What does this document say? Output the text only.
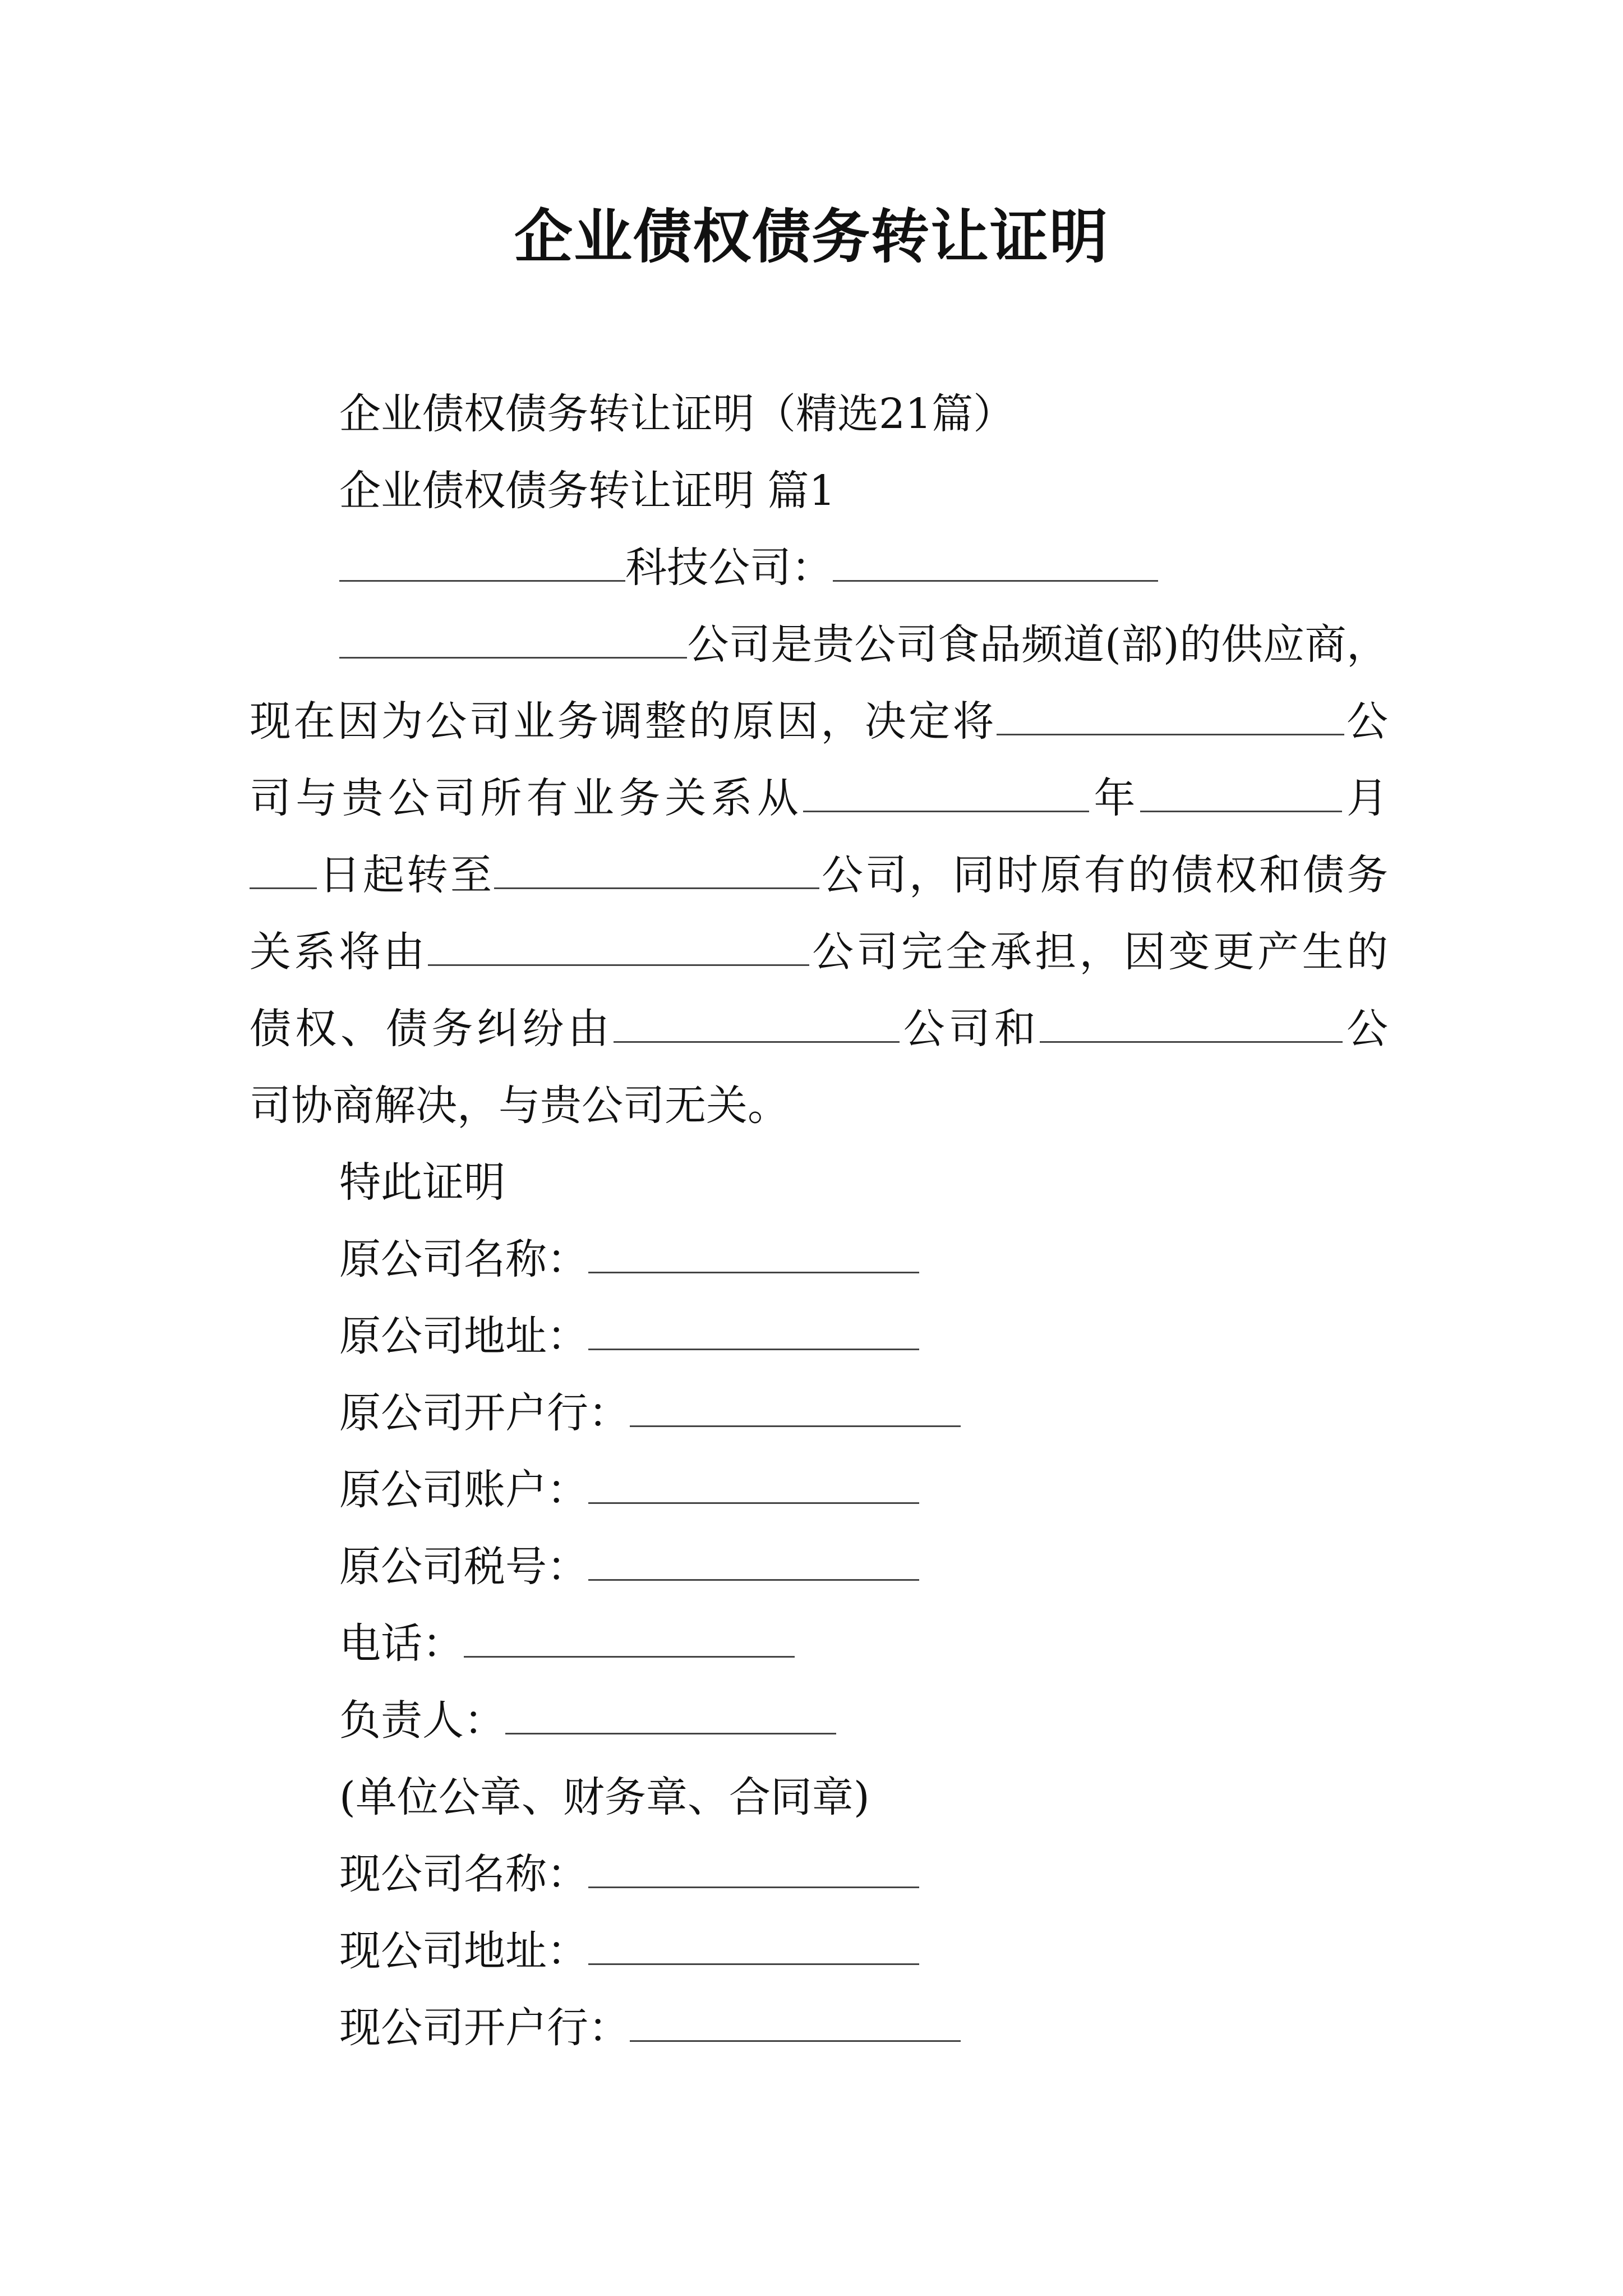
企业债权债务转让证明
企业债权债务转让证明（精选21篇）
企业债权债务转让证明 篇1
科技公司：
公司是贵公司食品频道(部)的供应商，
现在因为公司业务调整的原因，决定将	公
司与贵公司所有业务关系从	年	月
日起转至	公司，同时原有的债权和债务
关系将由	公司完全承担，因变更产生的
债权、债务纠纷由	公司和	公
司协商解决，与贵公司无关。
特此证明
原公司名称：
原公司地址：
原公司开户行：
原公司账户：
原公司税号：
电话：
负责人：
(单位公章、财务章、合同章)
现公司名称：
现公司地址：
现公司开户行：
